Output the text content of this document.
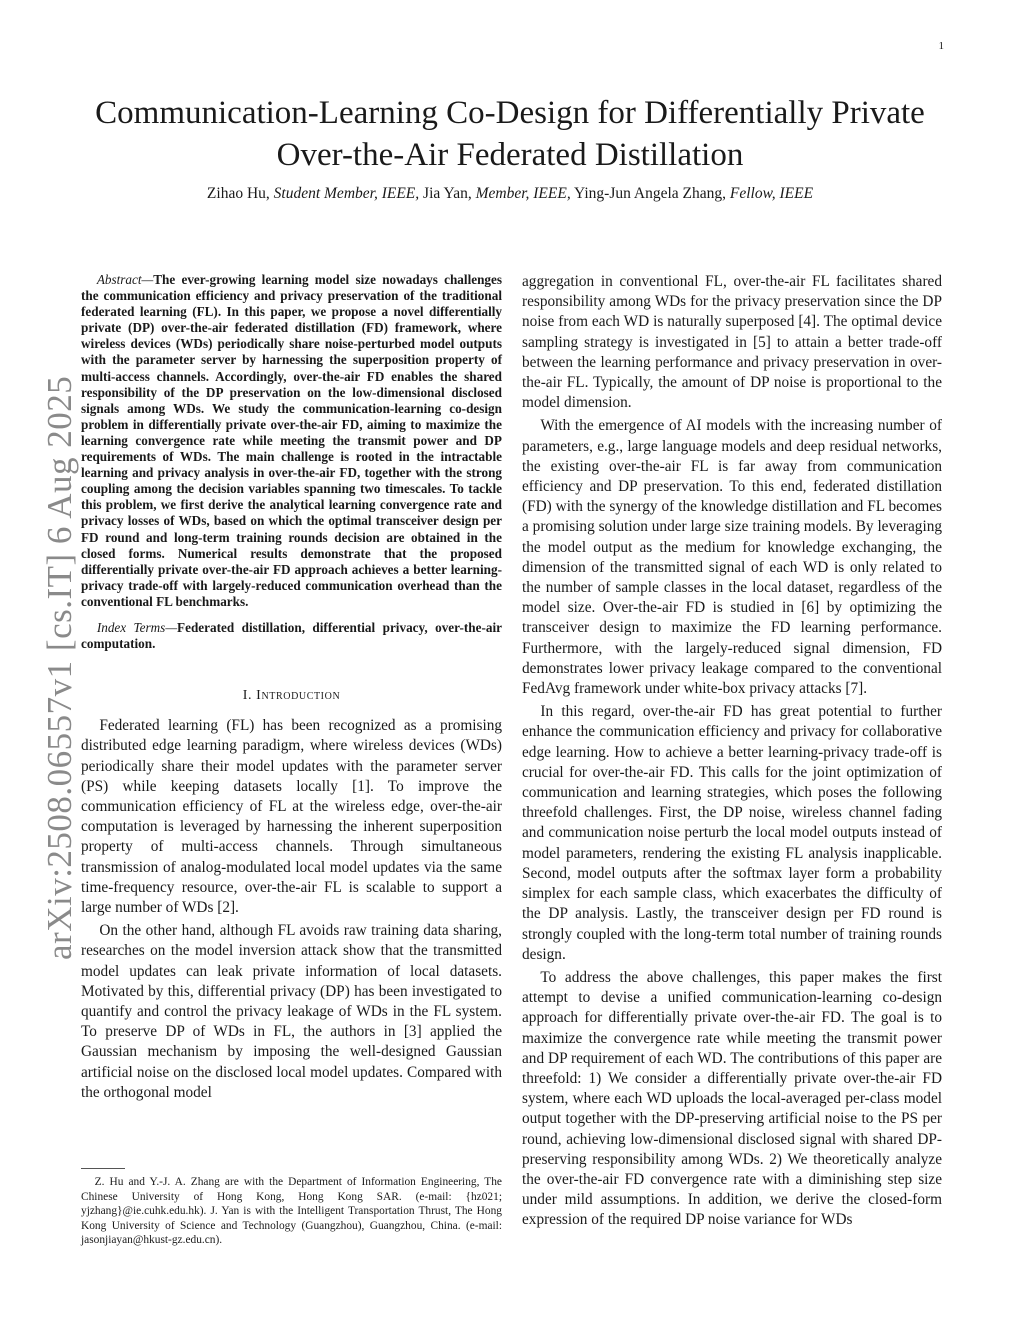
1
arXiv:2508.06557v1 [cs.IT] 6 Aug 2025
Communication-Learning Co-Design for Differentially Private
Over-the-Air Federated Distillation
Zihao Hu, Student Member, IEEE, Jia Yan, Member, IEEE, Ying-Jun Angela Zhang, Fellow, IEEE

Abstract—The ever-growing learning model size nowadays challenges the communication efficiency and privacy preservation of the traditional federated learning (FL). In this paper, we propose a novel differentially private (DP) over-the-air federated distillation (FD) framework, where wireless devices (WDs) periodically share noise-perturbed model outputs with the parameter server by harnessing the superposition property of multi-access channels. Accordingly, over-the-air FD enables the shared responsibility of the DP preservation on the low-dimensional disclosed signals among WDs. We study the communication-learning co-design problem in differentially private over-the-air FD, aiming to maximize the learning convergence rate while meeting the transmit power and DP requirements of WDs. The main challenge is rooted in the intractable learning and privacy analysis in over-the-air FD, together with the strong coupling among the decision variables spanning two timescales. To tackle this problem, we first derive the analytical learning convergence rate and privacy losses of WDs, based on which the optimal transceiver design per FD round and long-term training rounds decision are obtained in the closed forms. Numerical results demonstrate that the proposed differentially private over-the-air FD approach achieves a better learning-privacy trade-off with largely-reduced communication overhead than the conventional FL benchmarks.

Index Terms—Federated distillation, differential privacy, over-the-air computation.

I. Introduction

Federated learning (FL) has been recognized as a promising distributed edge learning paradigm, where wireless devices (WDs) periodically share their model updates with the parameter server (PS) while keeping datasets locally [1]. To improve the communication efficiency of FL at the wireless edge, over-the-air computation is leveraged by harnessing the inherent superposition property of multi-access channels. Through simultaneous transmission of analog-modulated local model updates via the same time-frequency resource, over-the-air FL is scalable to support a large number of WDs [2].

On the other hand, although FL avoids raw training data sharing, researches on the model inversion attack show that the transmitted model updates can leak private information of local datasets. Motivated by this, differential privacy (DP) has been investigated to quantify and control the privacy leakage of WDs in the FL system. To preserve DP of WDs in FL, the authors in [3] applied the Gaussian mechanism by imposing the well-designed Gaussian artificial noise on the disclosed local model updates. Compared with the orthogonal model

aggregation in conventional FL, over-the-air FL facilitates shared responsibility among WDs for the privacy preservation since the DP noise from each WD is naturally superposed [4]. The optimal device sampling strategy is investigated in [5] to attain a better trade-off between the learning performance and privacy preservation in over-the-air FL. Typically, the amount of DP noise is proportional to the model dimension.

With the emergence of AI models with the increasing number of parameters, e.g., large language models and deep residual networks, the existing over-the-air FL is far away from communication efficiency and DP preservation. To this end, federated distillation (FD) with the synergy of the knowledge distillation and FL becomes a promising solution under large size training models. By leveraging the model output as the medium for knowledge exchanging, the dimension of the transmitted signal of each WD is only related to the number of sample classes in the local dataset, regardless of the model size. Over-the-air FD is studied in [6] by optimizing the transceiver design to maximize the FD learning performance. Furthermore, with the largely-reduced signal dimension, FD demonstrates lower privacy leakage compared to the conventional FedAvg framework under white-box privacy attacks [7].

In this regard, over-the-air FD has great potential to further enhance the communication efficiency and privacy for collaborative edge learning. How to achieve a better learning-privacy trade-off is crucial for over-the-air FD. This calls for the joint optimization of communication and learning strategies, which poses the following threefold challenges. First, the DP noise, wireless channel fading and communication noise perturb the local model outputs instead of model parameters, rendering the existing FL analysis inapplicable. Second, model outputs after the softmax layer form a probability simplex for each sample class, which exacerbates the difficulty of the DP analysis. Lastly, the transceiver design per FD round is strongly coupled with the long-term total number of training rounds design.

To address the above challenges, this paper makes the first attempt to devise a unified communication-learning co-design approach for differentially private over-the-air FD. The goal is to maximize the convergence rate while meeting the transmit power and DP requirement of each WD. The contributions of this paper are threefold: 1) We consider a differentially private over-the-air FD system, where each WD uploads the local-averaged per-class model output together with the DP-preserving artificial noise to the PS per round, achieving low-dimensional disclosed signal with shared DP-preserving responsibility among WDs. 2) We theoretically analyze the over-the-air FD convergence rate with a diminishing step size under mild assumptions. In addition, we derive the closed-form expression of the required DP noise variance for WDs

Z. Hu and Y.-J. A. Zhang are with the Department of Information Engineering, The Chinese University of Hong Kong, Hong Kong SAR. (e-mail: {hz021; yjzhang}@ie.cuhk.edu.hk). J. Yan is with the Intelligent Transportation Thrust, The Hong Kong University of Science and Technology (Guangzhou), Guangzhou, China. (e-mail: jasonjiayan@hkust-gz.edu.cn).
